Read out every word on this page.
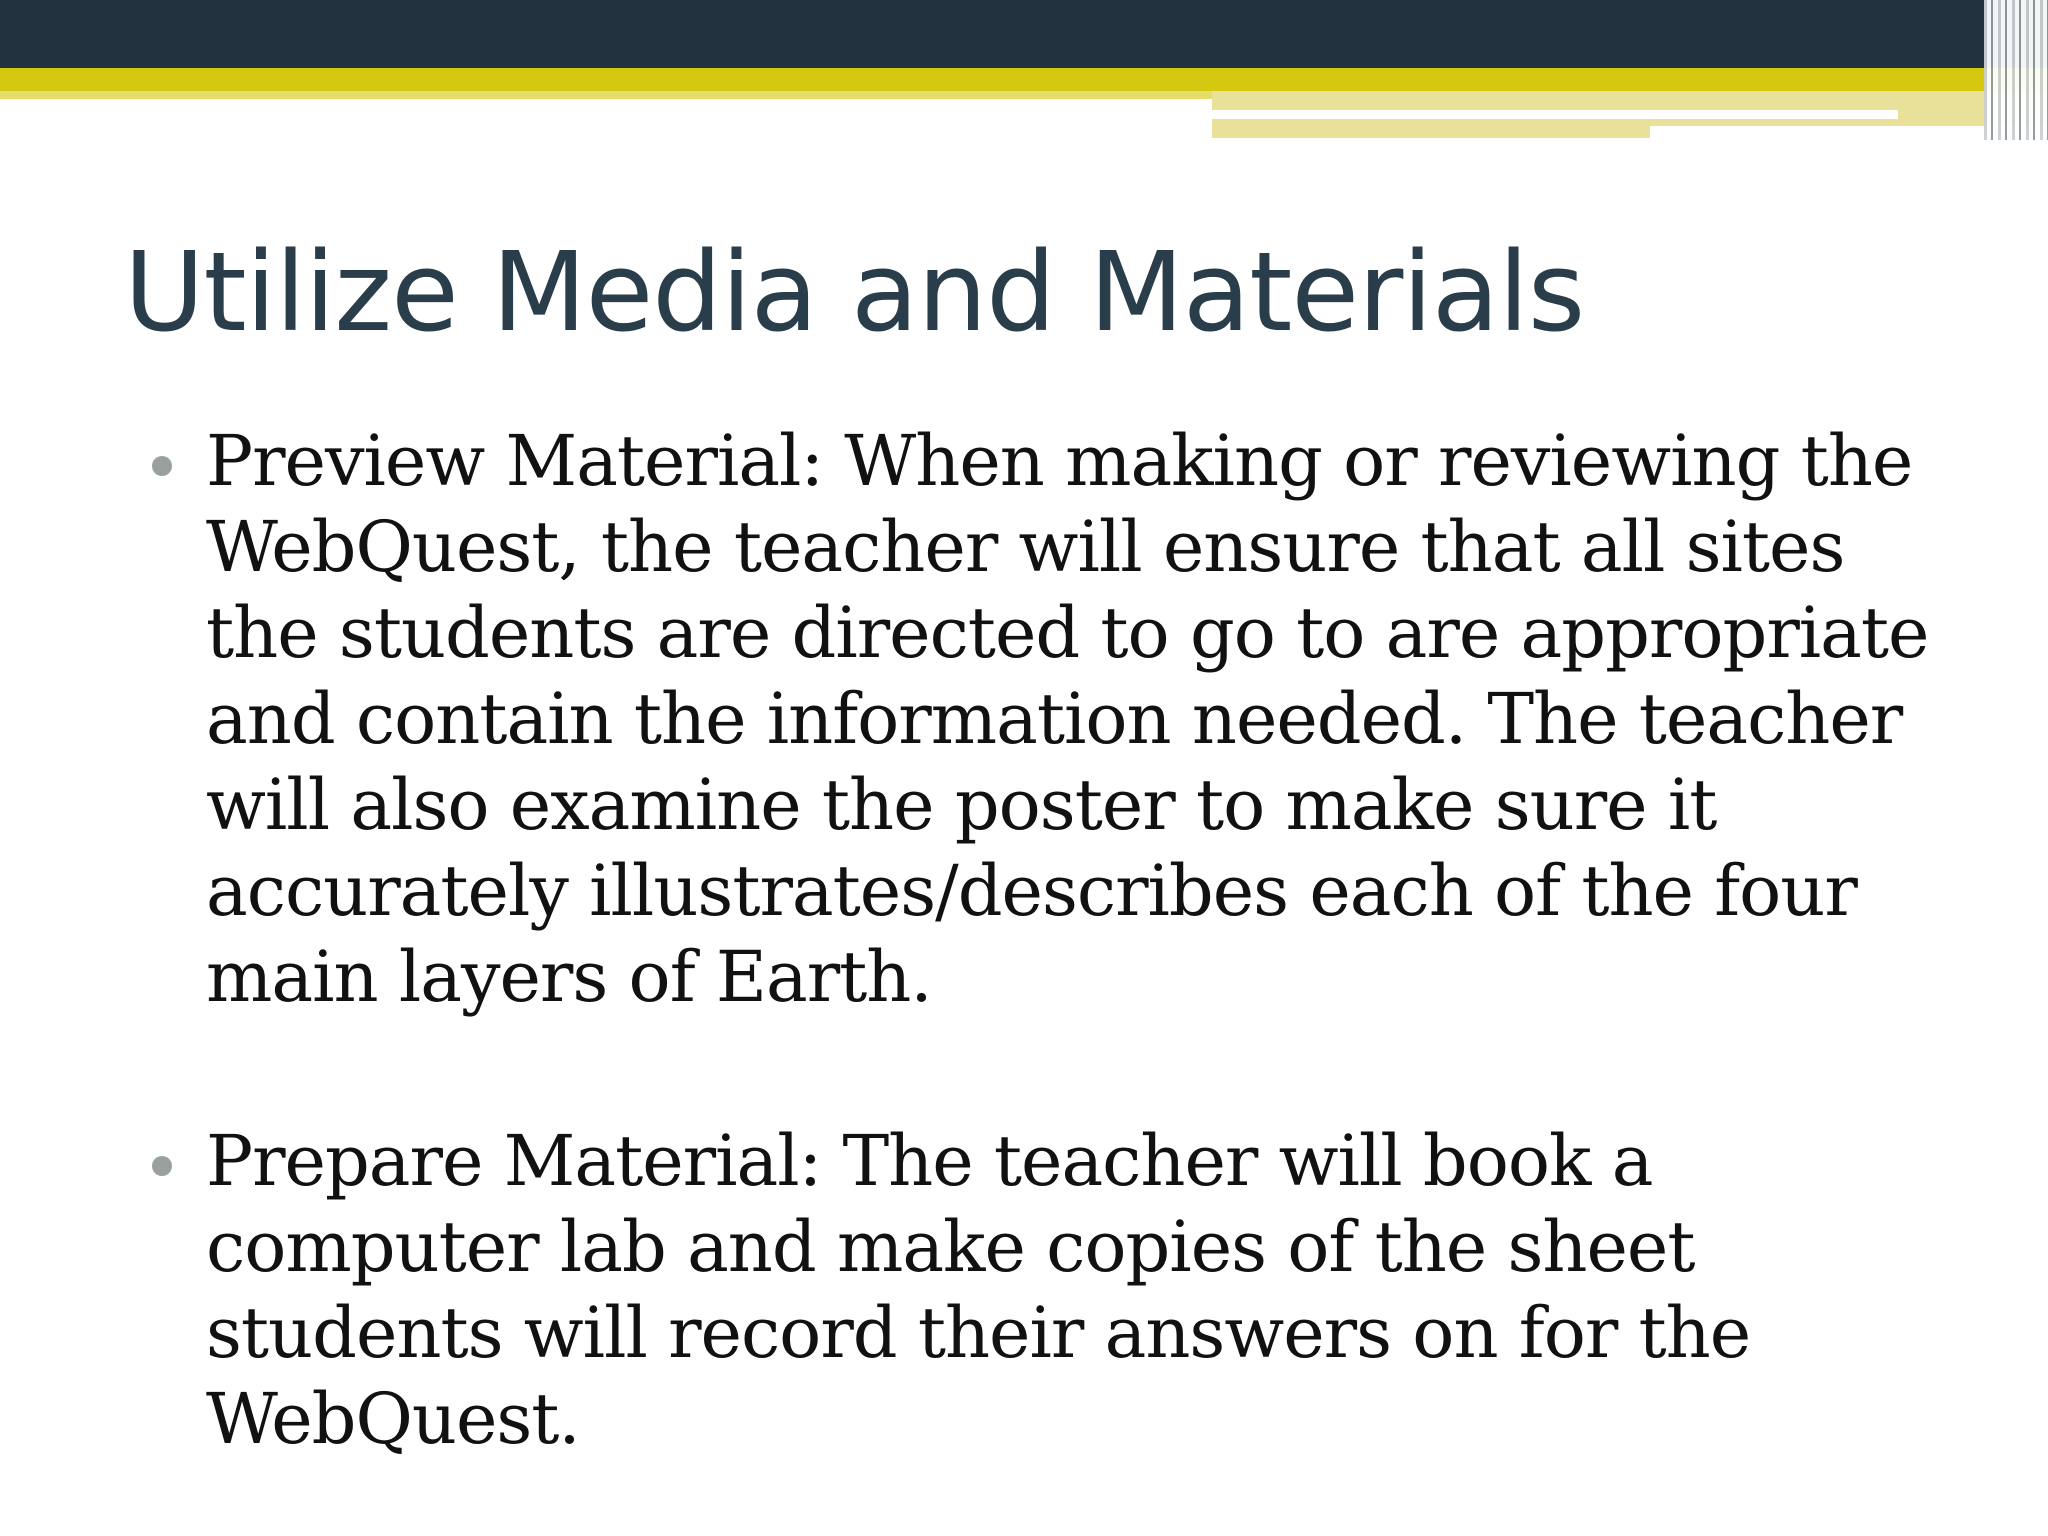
Utilize Media and Materials
Preview Material: When making or reviewing the WebQuest, the teacher will ensure that all sites the students are directed to go to are appropriate and contain the information needed. The teacher will also examine the poster to make sure it accurately illustrates/describes each of the four main layers of Earth.
Prepare Material: The teacher will book a computer lab and make copies of the sheet students will record their answers on for the WebQuest.
